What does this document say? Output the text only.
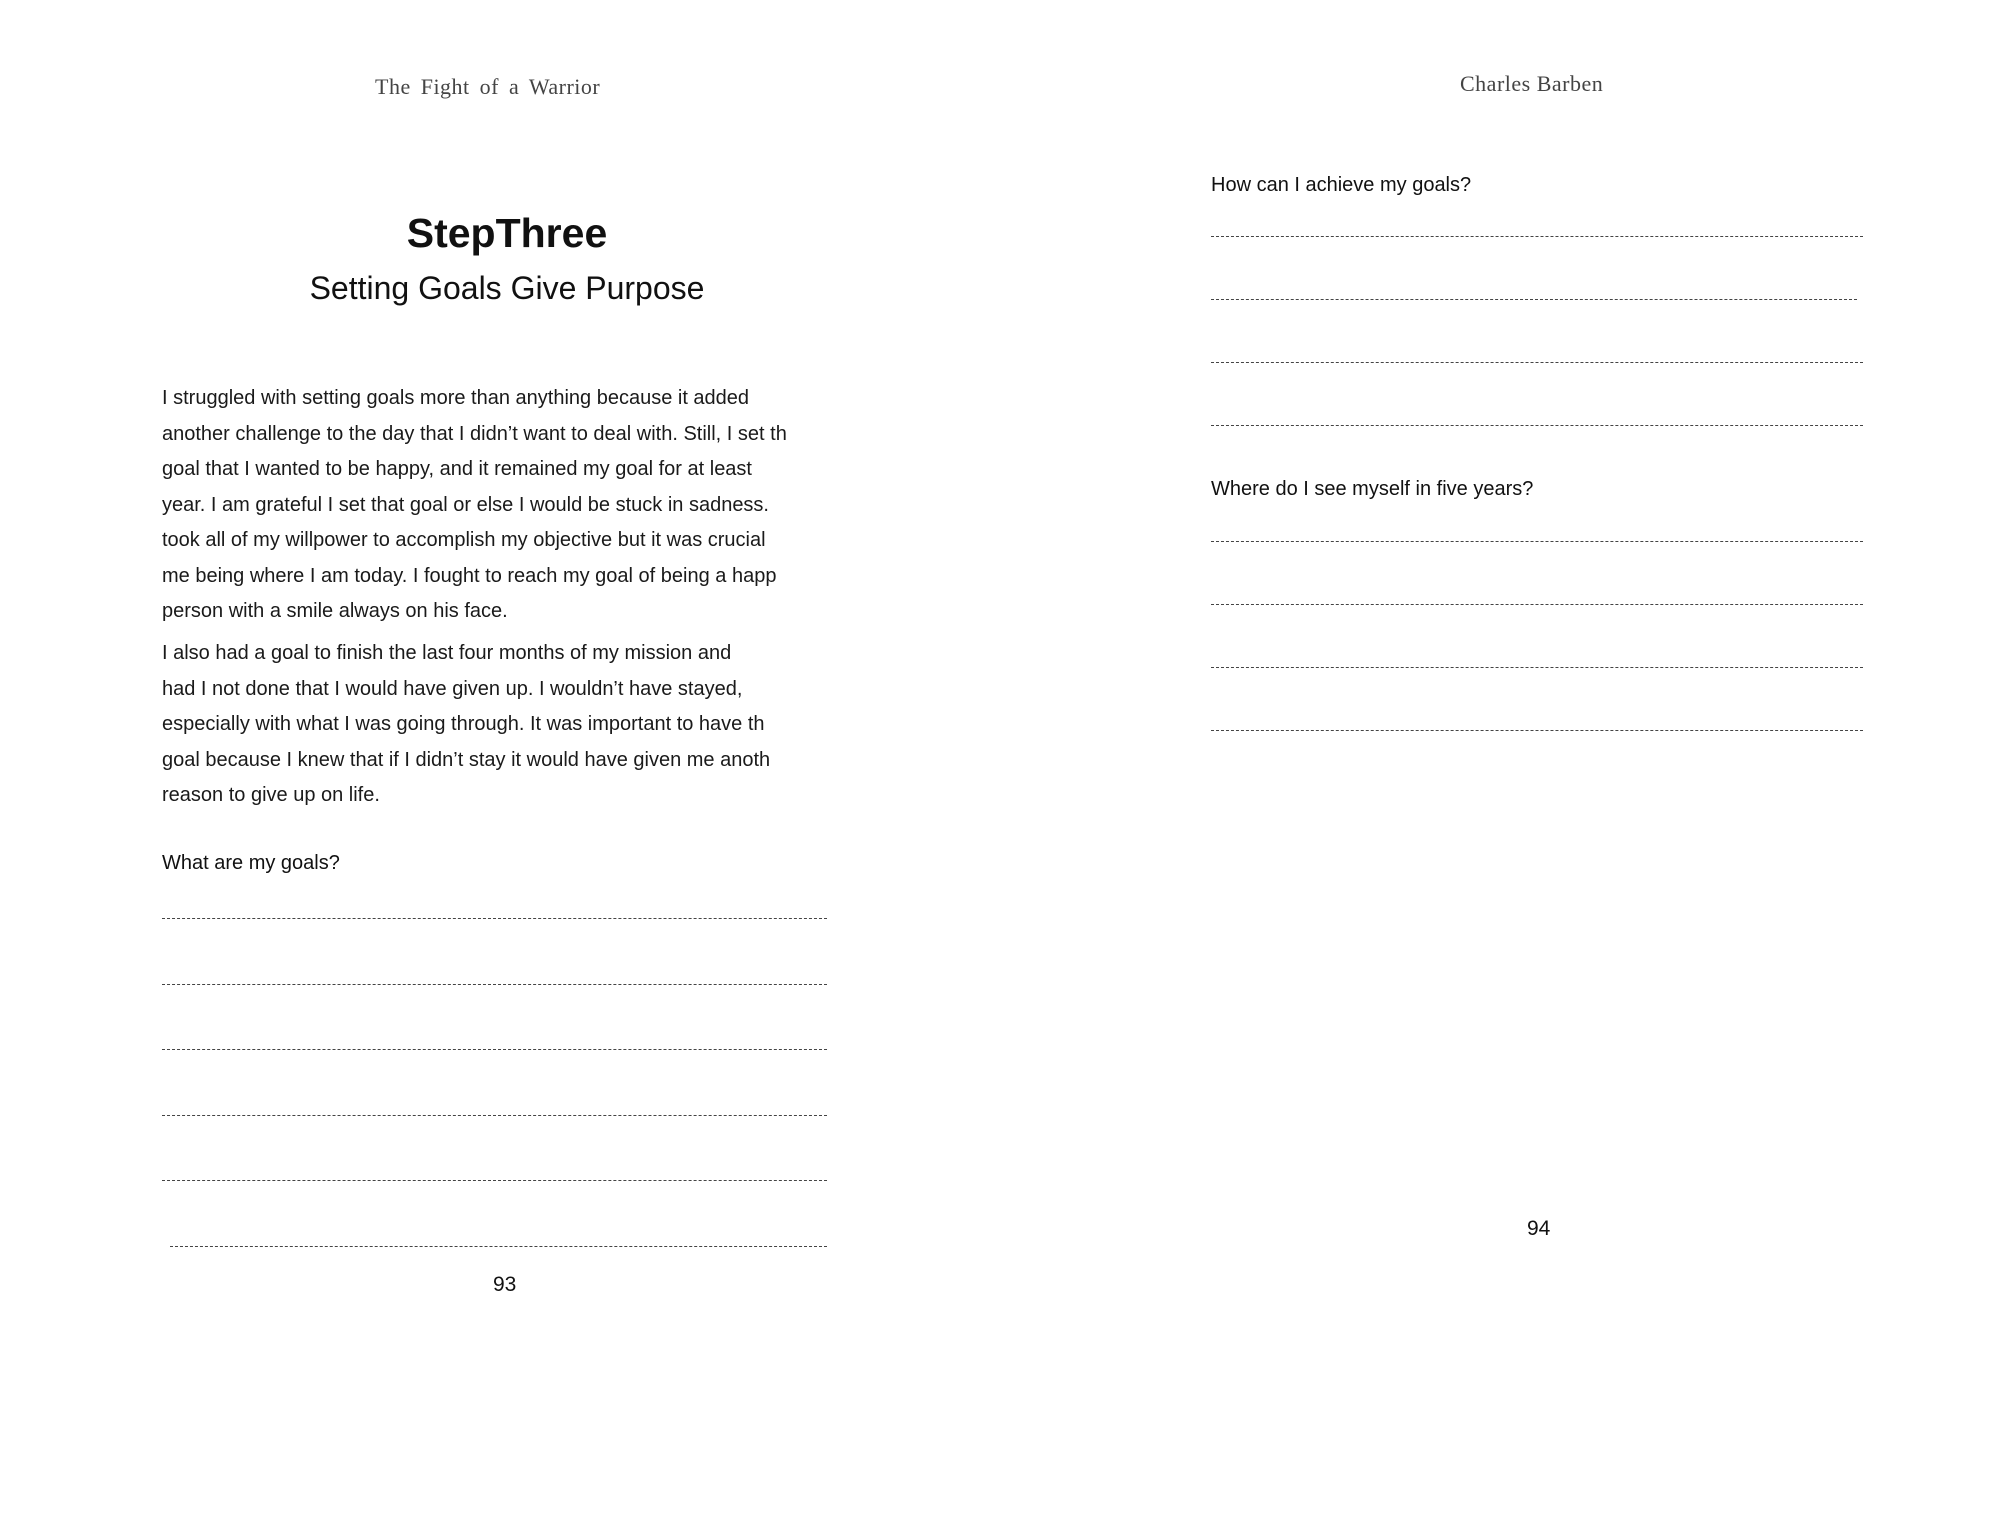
The Fight of a Warrior
StepThree
Setting Goals Give Purpose

I struggled with setting goals more than anything because it added
another challenge to the day that I didn’t want to deal with. Still, I set th
goal that I wanted to be happy, and it remained my goal for at least
year. I am grateful I set that goal or else I would be stuck in sadness.
took all of my willpower to accomplish my objective but it was crucial
me being where I am today. I fought to reach my goal of being a happ
person with a smile always on his face.

I also had a goal to finish the last four months of my mission and
had I not done that I would have given up. I wouldn’t have stayed,
especially with what I was going through. It was important to have th
goal because I knew that if I didn’t stay it would have given me anoth
reason to give up on life.

What are my goals?
93
Charles Barben
How can I achieve my goals?
Where do I see myself in five years?
94
